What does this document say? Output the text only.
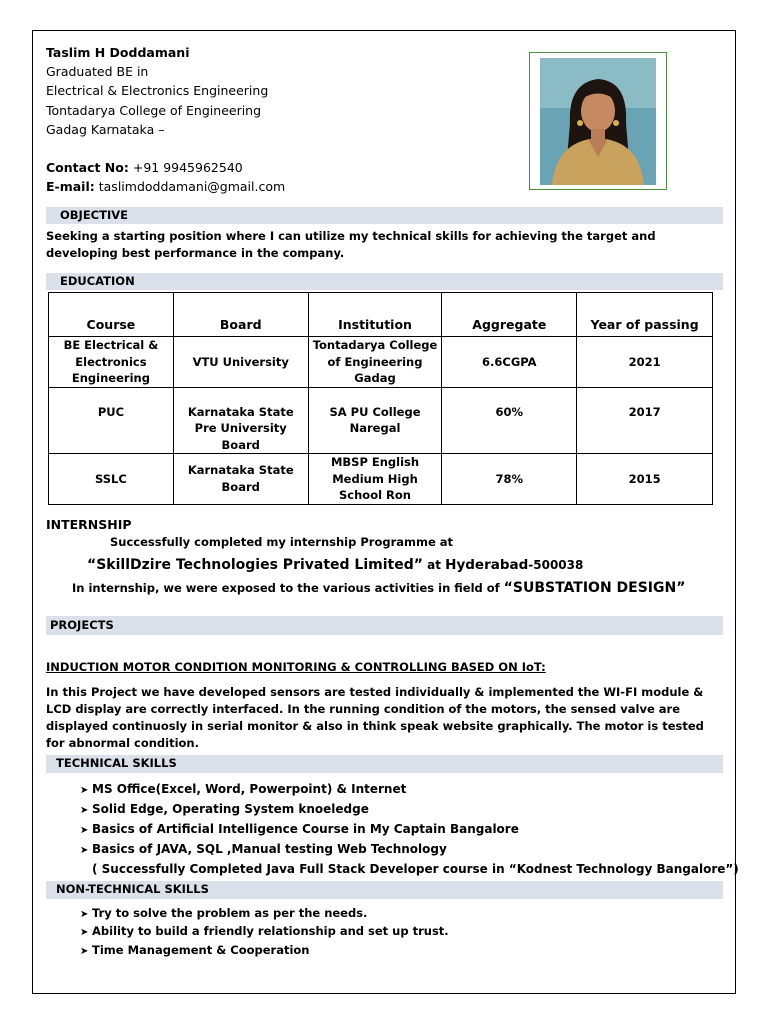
Taslim H Doddamani
Graduated BE in
Electrical & Electronics Engineering
Tontadarya College of Engineering
Gadag Karnataka –
Contact No: +91 9945962540
E-mail: taslimdoddamani@gmail.com
OBJECTIVE
Seeking a starting position where I can utilize my technical skills for achieving the target and developing best performance in the company.
EDUCATION
Course	Board	Institution	Aggregate	Year of passing
BE Electrical & Electronics Engineering	VTU University	Tontadarya College of Engineering Gadag	6.6CGPA	2021
PUC	Karnataka State Pre University Board	SA PU College Naregal	60%	2017
SSLC	Karnataka State Board	MBSP English Medium High School Ron	78%	2015
INTERNSHIP
Successfully completed my internship Programme at
“SkillDzire Technologies Privated Limited” at Hyderabad-500038
In internship, we were exposed to the various activities in field of “SUBSTATION DESIGN”
PROJECTS
INDUCTION MOTOR CONDITION MONITORING & CONTROLLING BASED ON IoT:
In this Project we have developed sensors are tested individually & implemented the WI-FI module & LCD display are correctly interfaced. In the running condition of the motors, the sensed valve are displayed continuosly in serial monitor & also in think speak website graphically. The motor is tested for abnormal condition.
TECHNICAL SKILLS
➤ MS Office(Excel, Word, Powerpoint) & Internet
➤ Solid Edge, Operating System knoeledge
➤ Basics of Artificial Intelligence Course in My Captain Bangalore
➤ Basics of JAVA, SQL ,Manual testing Web Technology
( Successfully Completed Java Full Stack Developer course in “Kodnest Technology Bangalore”)
NON-TECHNICAL SKILLS
➤ Try to solve the problem as per the needs.
➤ Ability to build a friendly relationship and set up trust.
➤ Time Management & Cooperation
